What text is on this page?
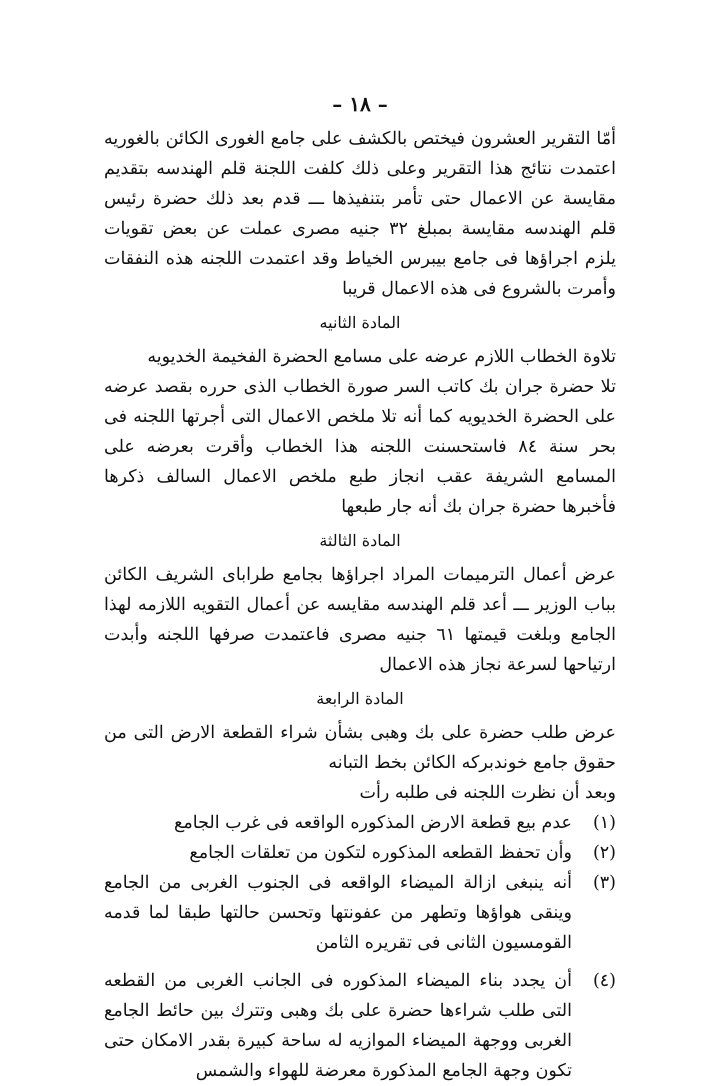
– ١٨ –

أمّا التقرير العشرون فيختص بالكشف على جامع الغورى الكائن بالغوريه اعتمدت نتائج هذا التقرير وعلى ذلك كلفت اللجنة قلم الهندسه بتقديم مقايسة عن الاعمال حتى تأمر بتنفيذها ـــ قدم بعد ذلك حضرة رئيس قلم الهندسه مقايسة بمبلغ ٣٢ جنيه مصرى عملت عن بعض تقويات يلزم اجراؤها فى جامع بيبرس الخياط وقد اعتمدت اللجنه هذه النفقات وأمرت بالشروع فى هذه الاعمال قريبا

المادة الثانيه

تلاوة الخطاب اللازم عرضه على مسامع الحضرة الفخيمة الخديويه

تلا حضرة جران بك كاتب السر صورة الخطاب الذى حرره بقصد عرضه على الحضرة الخديويه كما أنه تلا ملخص الاعمال التى أجرتها اللجنه فى بحر سنة ٨٤ فاستحسنت اللجنه هذا الخطاب وأقرت بعرضه على المسامع الشريفة عقب انجاز طبع ملخص الاعمال السالف ذكرها فأخبرها حضرة جران بك أنه جار طبعها

المادة الثالثة

عرض أعمال الترميمات المراد اجراؤها بجامع طرابای الشريف الكائن بباب الوزير ـــ أعد قلم الهندسه مقايسه عن أعمال التقويه اللازمه لهذا الجامع وبلغت قيمتها ٦١ جنيه مصرى فاعتمدت صرفها اللجنه وأبدت ارتياحها لسرعة نجاز هذه الاعمال

المادة الرابعة

عرض طلب حضرة على بك وهبى بشأن شراء القطعة الارض التى من حقوق جامع خوندبركه الكائن بخط التبانه

وبعد أن نظرت اللجنه فى طلبه رأت

(١)
عدم بيع قطعة الارض المذكوره الواقعه فى غرب الجامع
(٢)
وأن تحفظ القطعه المذكوره لتكون من تعلقات الجامع
(٣)
أنه ينبغى ازالة الميضاء الواقعه فى الجنوب الغربى من الجامع وينقى هواؤها وتطهر من عفونتها وتحسن حالتها طبقا لما قدمه القومسيون الثانى فى تقريره الثامن
(٤)
أن يجدد بناء الميضاء المذكوره فى الجانب الغربى من القطعه التى طلب شراءها حضرة على بك وهبى وتترك بين حائط الجامع الغربى ووجهة الميضاء الموازيه له ساحة كبيرة بقدر الامكان حتى تكون وجهة الجامع المذكورة معرضة للهواء والشمس
